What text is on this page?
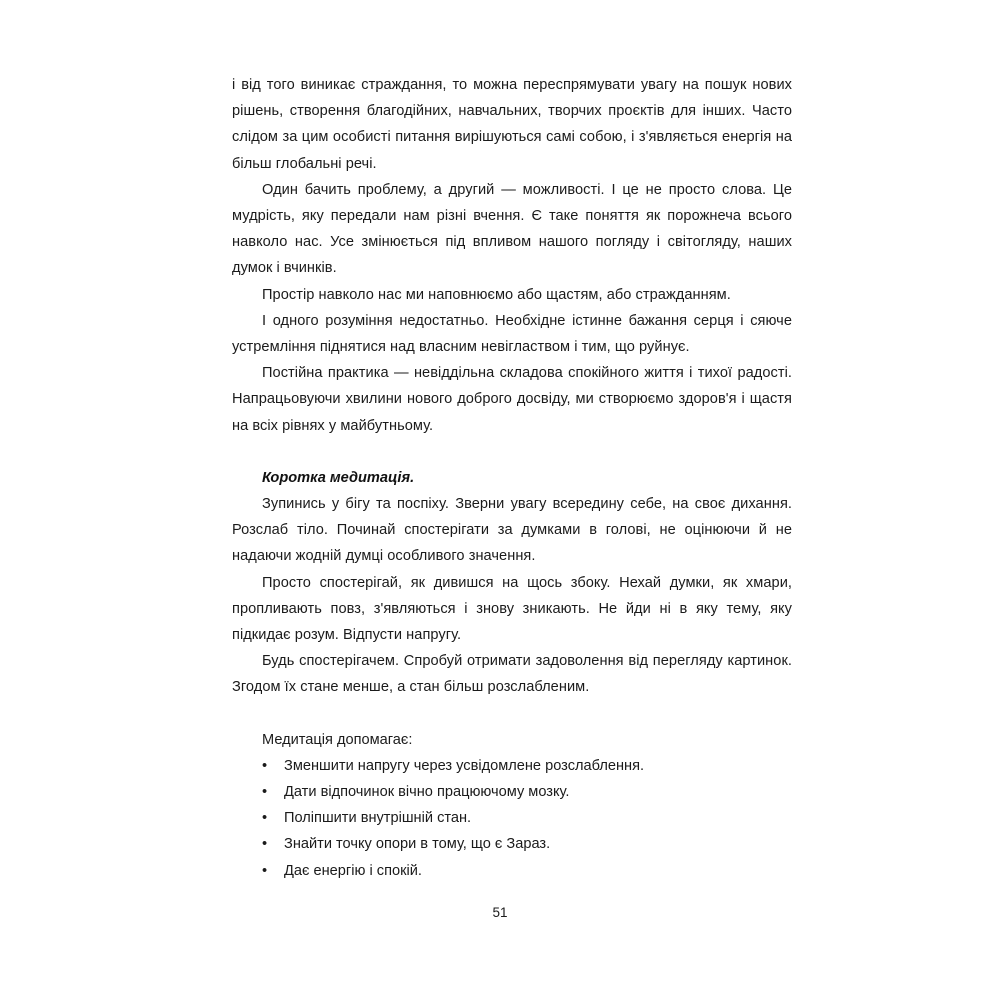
і від того виникає страждання, то можна переспрямувати увагу на пошук нових рішень, створення благодійних, навчальних, творчих проєктів для інших. Часто слідом за цим особисті питання вирішуються самі собою, і з'являється енергія на більш глобальні речі.

Один бачить проблему, а другий — можливості. І це не просто слова. Це мудрість, яку передали нам різні вчення. Є таке поняття як порожнеча всього навколо нас. Усе змінюється під впливом нашого погляду і світогляду, наших думок і вчинків.

Простір навколо нас ми наповнюємо або щастям, або стражданням.

І одного розуміння недостатньо. Необхідне істинне бажання серця і сяюче устремління піднятися над власним невіглаством і тим, що руйнує.

Постійна практика — невіддільна складова спокійного життя і тихої радості. Напрацьовуючи хвилини нового доброго досвіду, ми створюємо здоров'я і щастя на всіх рівнях у майбутньому.

Коротка медитація.

Зупинись у бігу та поспіху. Зверни увагу всередину себе, на своє дихання. Розслаб тіло. Починай спостерігати за думками в голові, не оцінюючи й не надаючи жодній думці особливого значення.

Просто спостерігай, як дивишся на щось збоку. Нехай думки, як хмари, пропливають повз, з'являються і знову зникають. Не йди ні в яку тему, яку підкидає розум. Відпусти напругу.

Будь спостерігачем. Спробуй отримати задоволення від перегляду картинок. Згодом їх стане менше, а стан більш розслабленим.

Медитація допомагає:

• Зменшити напругу через усвідомлене розслаблення.
• Дати відпочинок вічно працюючому мозку.
• Поліпшити внутрішній стан.
• Знайти точку опори в тому, що є Зараз.
• Дає енергію і спокій.
51
